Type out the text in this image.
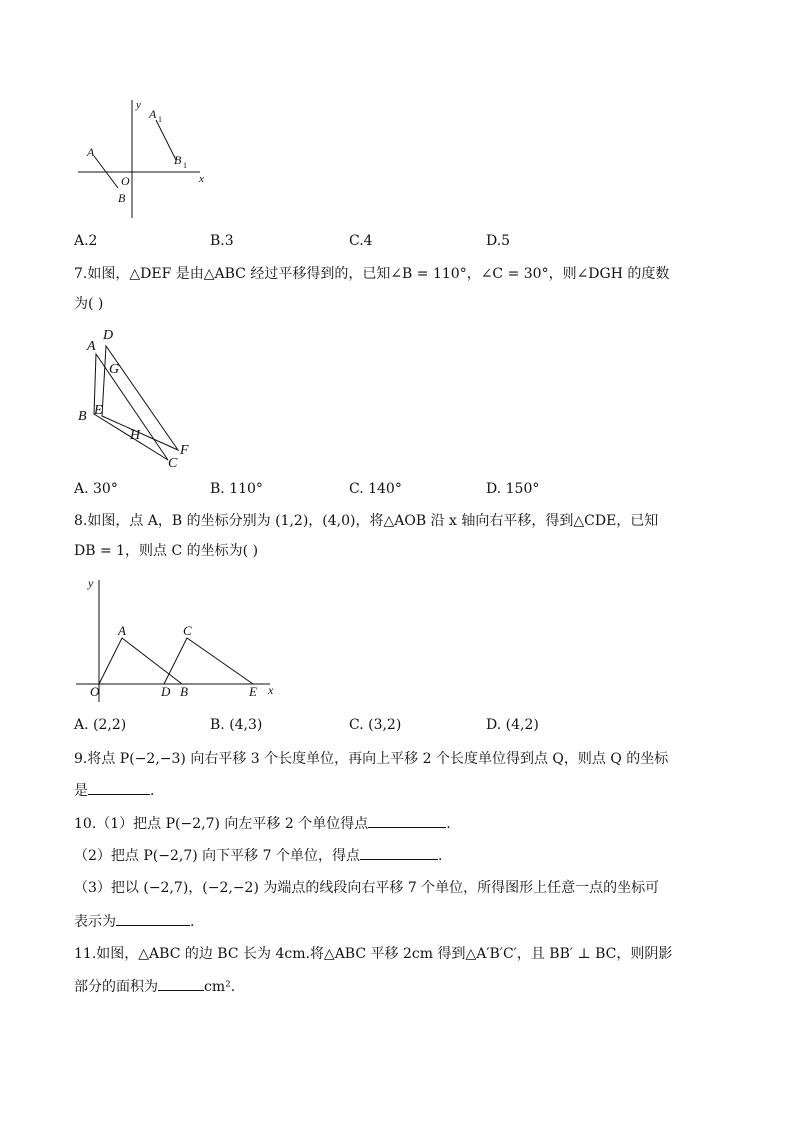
y
x
O
A
B
A 1
B 1
A.2	B.3	C.4	D.5
7.如图，△DEF 是由△ABC 经过平移得到的，已知∠B = 110°，∠C = 30°，则∠DGH 的度数
为( )
A
D
G
B E
H
F
C
A. 30°	B. 110°	C. 140°	D. 150°
8.如图，点 A，B 的坐标分别为 (1,2)，(4,0)，将△AOB 沿 x 轴向右平移，得到△CDE，已知
DB = 1，则点 C 的坐标为( )
y
x
O
A	C
D B	E
A. (2,2)	B. (4,3)	C. (3,2)	D. (4,2)
9.将点 P(−2,−3) 向右平移 3 个长度单位，再向上平移 2 个长度单位得到点 Q，则点 Q 的坐标
是	.
10.（1）把点 P(−2,7) 向左平移 2 个单位得点	.
（2）把点 P(−2,7) 向下平移 7 个单位，得点	.
（3）把以 (−2,7)，(−2,−2) 为端点的线段向右平移 7 个单位，所得图形上任意一点的坐标可
表示为	.
11.如图，△ABC 的边 BC 长为 4cm.将△ABC 平移 2cm 得到△A′B′C′，且 BB′ ⊥ BC，则阴影
部分的面积为	cm².
